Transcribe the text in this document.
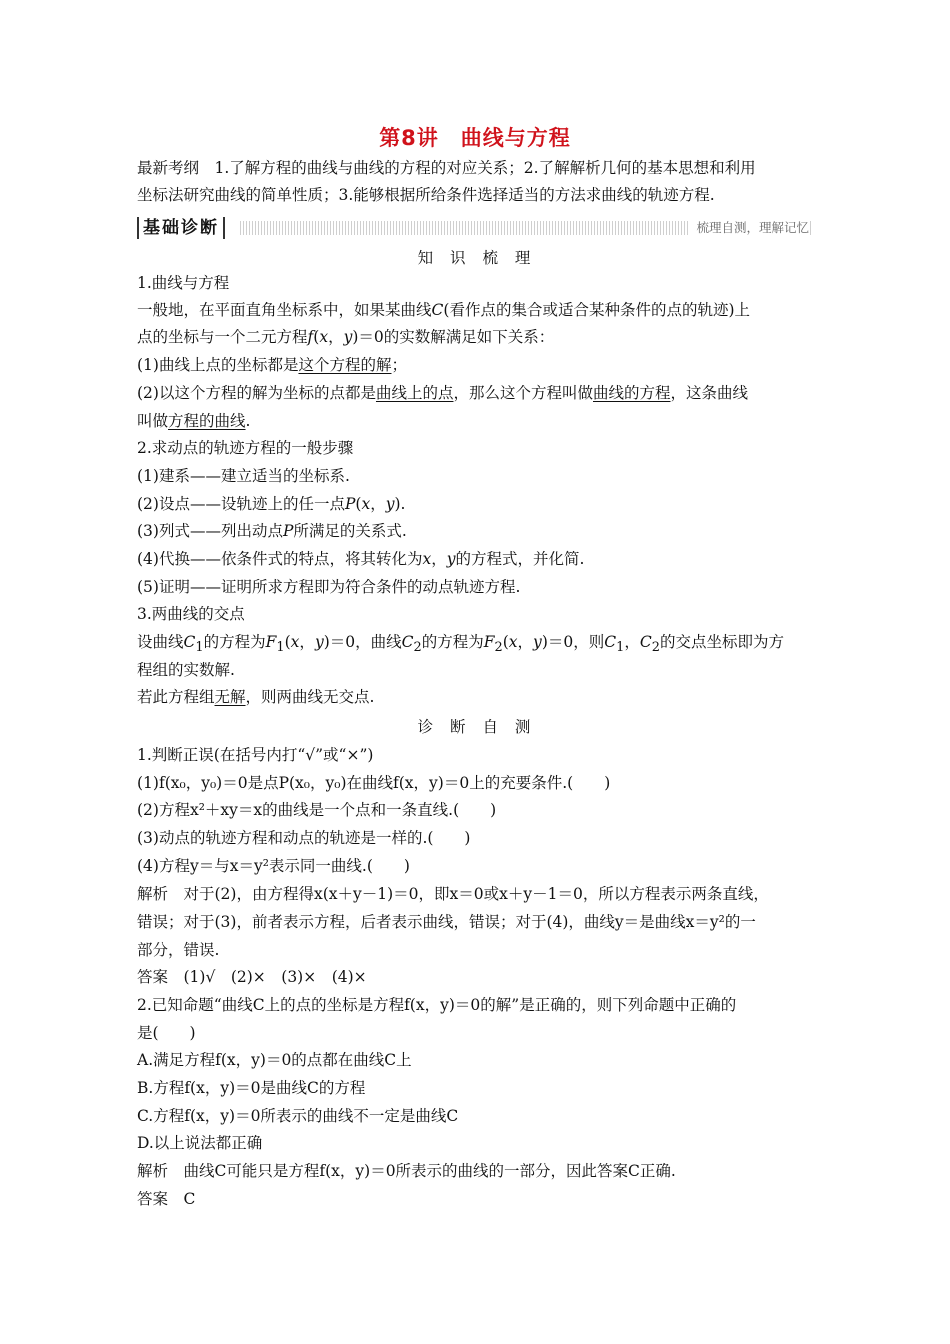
第8讲　曲线与方程
最新考纲　1.了解方程的曲线与曲线的方程的对应关系；2.了解解析几何的基本思想和利用
坐标法研究曲线的简单性质；3.能够根据所给条件选择适当的方法求曲线的轨迹方程.
基础诊断	梳理自测，理解记忆
知 识 梳 理
1.曲线与方程
一般地，在平面直角坐标系中，如果某曲线C(看作点的集合或适合某种条件的点的轨迹)上
点的坐标与一个二元方程f(x，y)＝0的实数解满足如下关系：
(1)曲线上点的坐标都是这个方程的解；
(2)以这个方程的解为坐标的点都是曲线上的点，那么这个方程叫做曲线的方程，这条曲线
叫做方程的曲线.
2.求动点的轨迹方程的一般步骤
(1)建系——建立适当的坐标系.
(2)设点——设轨迹上的任一点P(x，y).
(3)列式——列出动点P所满足的关系式.
(4)代换——依条件式的特点，将其转化为x，y的方程式，并化简.
(5)证明——证明所求方程即为符合条件的动点轨迹方程.
3.两曲线的交点
设曲线$C_1$的方程为$F_1(x$，y)＝0，曲线$C_2$的方程为$F_2(x$，y)＝0，则$C_1$，$C_2$的交点坐标即为方
程组的实数解.
若此方程组无解，则两曲线无交点.
诊 断 自 测
1.判断正误(在括号内打“√”或“×”)
(1)f(x₀，y₀)＝0是点P(x₀，y₀)在曲线f(x，y)＝0上的充要条件.(　　)
(2)方程x²＋xy＝x的曲线是一个点和一条直线.(　　)
(3)动点的轨迹方程和动点的轨迹是一样的.(　　)
(4)方程y＝与x＝y²表示同一曲线.(　　)
解析　对于(2)，由方程得x(x＋y－1)＝0，即x＝0或x＋y－1＝0，所以方程表示两条直线，
错误；对于(3)，前者表示方程，后者表示曲线，错误；对于(4)，曲线y＝是曲线x＝y²的一
部分，错误.
答案　(1)√　(2)×　(3)×　(4)×
2.已知命题“曲线C上的点的坐标是方程f(x，y)＝0的解”是正确的，则下列命题中正确的
是(　　)
A.满足方程f(x，y)＝0的点都在曲线C上
B.方程f(x，y)＝0是曲线C的方程
C.方程f(x，y)＝0所表示的曲线不一定是曲线C
D.以上说法都正确
解析　曲线C可能只是方程f(x，y)＝0所表示的曲线的一部分，因此答案C正确.
答案　C
